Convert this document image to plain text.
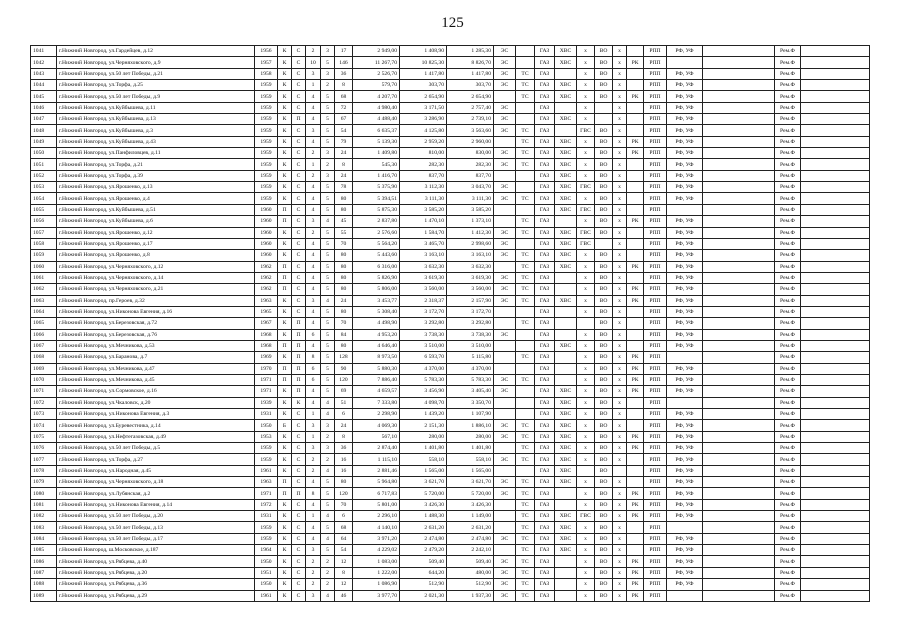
125
1041	г.Нижний Новгород, ул.Гардейцев, д.12	1956	К	С	2	3	17	2 949,00	1 408,90	1 285,30	ЭС		ГАЗ	ХВС	х	ВО	х		РПП	РФ, УФ		Рем.Ф	
1042	г.Нижний Новгород, ул.Черняховского, д.9	1957	К	С	10	5	146	11 267,70	10 825,30	8 826,70	ЭС		ГАЗ	ХВС	х	ВО	х	РК	РПП			Рем.Ф	
1043	г.Нижний Новгород, ул.50 лет Победы, д.21	1958	К	С	3	3	36	2 526,70	1 417,80	1 417,80	ЭС	ТС	ГАЗ		х	ВО	х		РПП	РФ, УФ		Рем.Ф	
1044	г.Нижний Новгород, ул.Торфа, д.25	1959	К	С	1	2	8	579,70	303,70	303,70	ЭС	ТС	ГАЗ	ХВС	х	ВО	х		РПП	РФ, УФ		Рем.Ф	
1045	г.Нижний Новгород, ул.50 лет Победы, д.9	1959	К	С	4	5	68	4 207,70	2 654,90	2 654,90		ТС	ГАЗ	ХВС	х	ВО	х	РК	РПП	РФ, УФ		Рем.Ф	
1046	г.Нижний Новгород, ул.Куйбышева, д.11	1959	К	С	4	5	72	4 980,40	3 171,50	2 757,40	ЭС		ГАЗ		х		х		РПП	РФ, УФ		Рем.Ф	
1047	г.Нижний Новгород, ул.Куйбышева, д.13	1959	К	П	4	5	67	4 488,40	3 286,90	2 739,10	ЭС		ГАЗ	ХВС	х		х		РПП	РФ, УФ		Рем.Ф	
1048	г.Нижний Новгород, ул.Куйбышева, д.3	1959	К	С	3	5	54	6 635,37	4 125,80	3 563,60	ЭС	ТС	ГАЗ		ГВС	ВО	х		РПП	РФ, УФ		Рем.Ф	
1049	г.Нижний Новгород, ул.Куйбышева, д.43	1959	К	С	4	5	79	5 139,30	2 959,20	2 960,00		ТС	ГАЗ	ХВС	х	ВО	х	РК	РПП	РФ, УФ		Рем.Ф	
1050	г.Нижний Новгород, ул.Панфиловцев, д.11	1959	К	С	2	3	24	1 409,80	810,00	830,00	ЭС	ТС	ГАЗ	ХВС	х	ВО	х	РК	РПП	РФ, УФ		Рем.Ф	
1051	г.Нижний Новгород, ул.Торфа, д.21	1959	К	С	1	2	8	545,30	282,30	282,30	ЭС	ТС	ГАЗ	ХВС	х	ВО	х		РПП	РФ, УФ		Рем.Ф	
1052	г.Нижний Новгород, ул.Торфа, д.39	1959	К	С	2	3	24	1 416,70	837,70	837,70			ГАЗ	ХВС	х	ВО	х		РПП	РФ, УФ		Рем.Ф	
1053	г.Нижний Новгород, ул.Ярошенко, д.13	1959	К	С	4	5	78	5 375,90	3 112,30	3 043,70	ЭС		ГАЗ	ХВС	ГВС	ВО	х		РПП	РФ, УФ		Рем.Ф	
1054	г.Нижний Новгород, ул.Ярошенко, д.4	1959	К	С	4	5	80	5 394,51	3 111,30	3 111,30	ЭС	ТС	ГАЗ	ХВС	х	ВО	х		РПП	РФ, УФ		Рем.Ф	
1055	г.Нижний Новгород, ул.Куйбышева, д.51	1960	П	С	4	5	80	5 875,30	3 585,20	3 585,20			ГАЗ	ХВС	ГВС	ВО	х		РПП			Рем.Ф	
1056	г.Нижний Новгород, ул.Куйбышева, д.6	1960	П	С	3	4	45	2 837,80	1 470,10	1 373,10		ТС	ГАЗ		х	ВО	х	РК	РПП	РФ, УФ		Рем.Ф	
1057	г.Нижний Новгород, ул.Ярошенко, д.12	1960	К	С	2	5	55	2 576,60	1 584,70	1 412,30	ЭС	ТС	ГАЗ	ХВС	ГВС	ВО	х		РПП	РФ, УФ		Рем.Ф	
1058	г.Нижний Новгород, ул.Ярошенко, д.17	1960	К	С	4	5	70	5 564,20	3 465,70	2 998,60	ЭС		ГАЗ	ХВС	ГВС		х		РПП	РФ, УФ		Рем.Ф	
1059	г.Нижний Новгород, ул.Ярошенко, д.8	1960	К	С	4	5	80	5 443,60	3 163,10	3 163,10	ЭС	ТС	ГАЗ	ХВС	х	ВО	х		РПП	РФ, УФ		Рем.Ф	
1060	г.Нижний Новгород, ул.Черняховского, д.12	1962	П	С	4	5	80	6 316,00	3 632,30	3 632,30		ТС	ГАЗ	ХВС	х	ВО	х	РК	РПП	РФ, УФ		Рем.Ф	
1061	г.Нижний Новгород, ул.Черняховского, д.14	1962	П	С	4	5	80	5 826,90	3 619,30	3 619,30	ЭС	ТС	ГАЗ		х	ВО	х		РПП	РФ, УФ		Рем.Ф	
1062	г.Нижний Новгород, ул.Черняховского, д.21	1962	П	С	4	5	80	5 806,00	3 560,00	3 560,00	ЭС	ТС	ГАЗ		х	ВО	х	РК	РПП	РФ, УФ		Рем.Ф	
1063	г.Нижний Новгород, пр.Героев, д.32	1963	К	С	3	4	24	3 453,77	2 318,37	2 157,90	ЭС	ТС	ГАЗ	ХВС	х	ВО	х	РК	РПП	РФ, УФ		Рем.Ф	
1064	г.Нижний Новгород, ул.Никонова Евгения, д.16	1965	К	С	4	5	80	5 308,40	3 172,70	3 172,70			ГАЗ		х	ВО	х		РПП	РФ, УФ		Рем.Ф	
1065	г.Нижний Новгород, ул.Березовская, д.72	1967	К	П	4	5	70	4 498,90	3 292,80	3 292,80		ТС	ГАЗ			ВО	х		РПП	РФ, УФ		Рем.Ф	
1066	г.Нижний Новгород, ул.Березовская, д.76	1968	К	П	6	5	84	4 953,20	3 738,30	3 738,30	ЭС		ГАЗ		х	ВО	х		РПП	РФ, УФ		Рем.Ф	
1067	г.Нижний Новгород, ул.Мечникова, д.53	1968	П	П	4	5	80	4 646,40	3 510,00	3 510,00			ГАЗ	ХВС	х	ВО	х		РПП	РФ, УФ		Рем.Ф	
1068	г.Нижний Новгород, ул.Баранова, д.7	1969	К	П	8	5	128	8 973,50	6 593,70	5 115,80		ТС	ГАЗ		х	ВО	х	РК	РПП			Рем.Ф	
1069	г.Нижний Новгород, ул.Мечникова, д.47	1970	П	П	6	5	90	5 880,30	4 370,00	4 370,00			ГАЗ		х	ВО	х	РК	РПП	РФ, УФ		Рем.Ф	
1070	г.Нижний Новгород, ул.Мечникова, д.45	1971	П	П	6	5	120	7 886,40	5 783,30	5 783,30	ЭС	ТС	ГАЗ		х	ВО	х	РК	РПП	РФ, УФ		Рем.Ф	
1071	г.Нижний Новгород, ул.Сормовское, д.16	1971	К	П	4	5	69	4 659,57	3 456,90	3 405,40	ЭС		ГАЗ	ХВС	х	ВО	х	РК	РПП	РФ, УФ		Рем.Ф	
1072	г.Нижний Новгород, ул.Чкаловск, д.20	1939	К	К	4	4	51	7 333,80	4 098,70	3 350,70			ГАЗ	ХВС	х	ВО	х		РПП			Рем.Ф	
1073	г.Нижний Новгород, ул.Никонова Евгения, д.3	1931	К	С	1	4	6	2 298,90	1 439,20	1 107,90			ГАЗ	ХВС	х	ВО	х		РПП	РФ, УФ		Рем.Ф	
1074	г.Нижний Новгород, ул.Буревестника, д.14	1950	Б	С	3	3	24	4 069,30	2 151,30	1 886,10	ЭС	ТС	ГАЗ	ХВС	х	ВО	х		РПП	РФ, УФ		Рем.Ф	
1075	г.Нижний Новгород, ул.Нефтегазовская, д.49	1953	К	С	1	2	8	567,10	280,00	280,00	ЭС	ТС	ГАЗ	ХВС	х	ВО	х	РК	РПП	РФ, УФ		Рем.Ф	
1076	г.Нижний Новгород, ул.50 лет Победы, д.5	1959	К	С	3	3	36	2 874,40	1 401,80	1 401,80		ТС	ГАЗ	ХВС	х	ВО	х	РК	РПП	РФ, УФ		Рем.Ф	
1077	г.Нижний Новгород, ул.Торфа, д.27	1959	К	С	2	2	16	1 115,10	558,10	558,10	ЭС	ТС	ГАЗ	ХВС	х	ВО	х		РПП	РФ, УФ		Рем.Ф	
1078	г.Нижний Новгород, ул.Народная, д.45	1961	К	С	2	4	16	2 881,46	1 565,00	1 565,00			ГАЗ	ХВС		ВО			РПП	РФ, УФ		Рем.Ф	
1079	г.Нижний Новгород, ул.Черняховского, д.18	1963	П	С	4	5	80	5 964,80	3 621,70	3 621,70	ЭС	ТС	ГАЗ	ХВС	х	ВО	х		РПП	РФ, УФ		Рем.Ф	
1080	г.Нижний Новгород, ул.Лубянская, д.2	1971	П	П	8	5	120	6 717,83	5 720,00	5 720,00	ЭС	ТС	ГАЗ		х	ВО	х	РК	РПП	РФ, УФ		Рем.Ф	
1081	г.Нижний Новгород, ул.Никонова Евгения, д.14	1972	К	С	4	5	70	5 801,00	3 426,30	3 426,30		ТС	ГАЗ		х	ВО	х	РК	РПП	РФ, УФ		Рем.Ф	
1082	г.Нижний Новгород, ул.50 лет Победы, д.20	1931	К	С	1	4	6	2 296,10	1 488,30	1 149,00		ТС	ГАЗ	ХВС	ГВС	ВО	х	РК	РПП	РФ, УФ		Рем.Ф	
1083	г.Нижний Новгород, ул.50 лет Победы, д.13	1959	К	С	4	5	68	4 140,10	2 631,20	2 631,20		ТС	ГАЗ	ХВС	х	ВО	х		РПП			Рем.Ф	
1084	г.Нижний Новгород, ул.50 лет Победы, д.17	1959	К	С	4	4	64	3 971,20	2 474,80	2 474,80	ЭС	ТС	ГАЗ	ХВС	х	ВО	х		РПП	РФ, УФ		Рем.Ф	
1085	г.Нижний Новгород, ш.Московское, д.187	1964	К	С	3	5	54	4 229,02	2 479,20	2 242,10		ТС	ГАЗ	ХВС	х	ВО	х		РПП	РФ, УФ		Рем.Ф	
1086	г.Нижний Новгород, ул.Рябцева, д.40	1950	К	С	2	2	12	1 083,00	509,40	509,40	ЭС	ТС	ГАЗ		х	ВО	х	РК	РПП	РФ, УФ		Рем.Ф	
1087	г.Нижний Новгород, ул.Рябцева, д.20	1951	К	С	2	2	8	1 222,00	644,20	480,00	ЭС	ТС	ГАЗ		х	ВО	х	РК	РПП	РФ, УФ		Рем.Ф	
1088	г.Нижний Новгород, ул.Рябцева, д.36	1950	К	С	2	2	12	1 086,90	512,90	512,90	ЭС	ТС	ГАЗ		х	ВО	х	РК	РПП	РФ, УФ		Рем.Ф	
1089	г.Нижний Новгород, ул.Рябцева, д.29	1961	К	С	3	4	46	3 977,70	2 021,30	1 937,30	ЭС	ТС	ГАЗ		х	ВО	х	РК	РПП			Рем.Ф	
